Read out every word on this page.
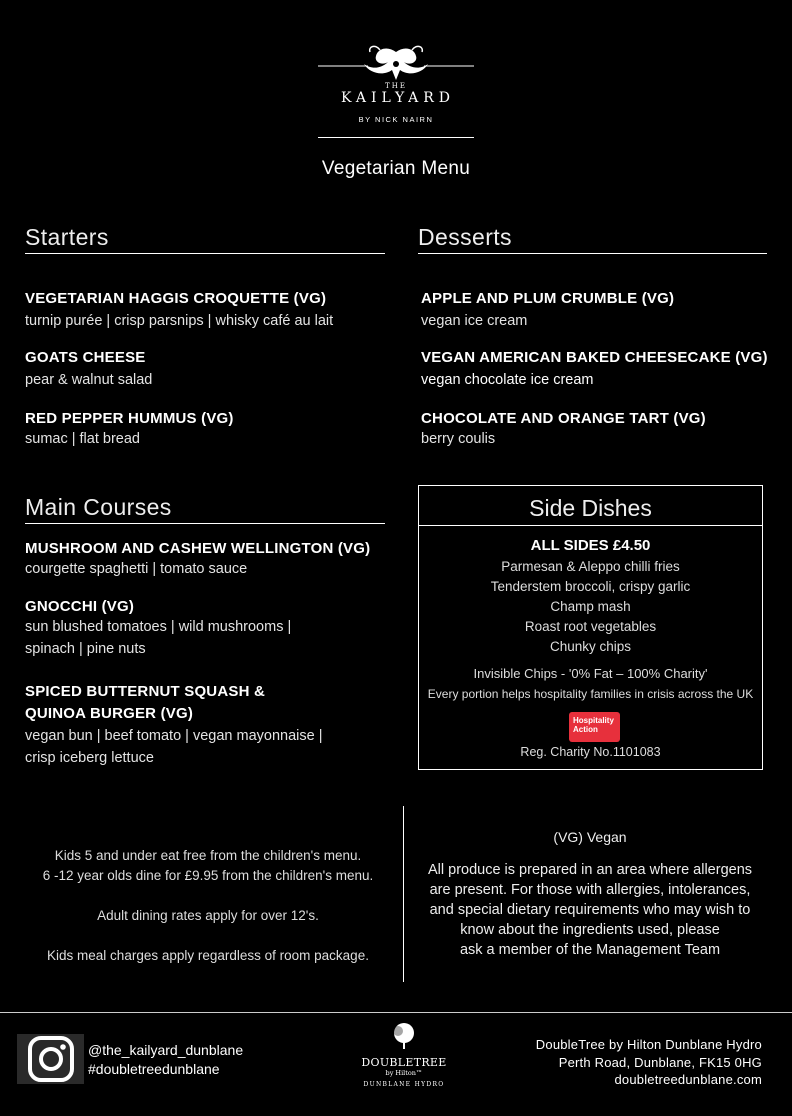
THE
KAILYARD
BY NICK NAIRN
Vegetarian Menu
Starters
VEGETARIAN HAGGIS CROQUETTE (VG)
turnip purée | crisp parsnips | whisky café au lait
GOATS CHEESE
pear & walnut salad
RED PEPPER HUMMUS (VG)
sumac | flat bread
Desserts
APPLE AND PLUM CRUMBLE (VG)
vegan ice cream
VEGAN AMERICAN BAKED CHEESECAKE (VG)
vegan chocolate ice cream
CHOCOLATE AND ORANGE TART (VG)
berry coulis
Main Courses
MUSHROOM AND CASHEW WELLINGTON (VG)
courgette spaghetti | tomato sauce
GNOCCHI (VG)
sun blushed tomatoes | wild mushrooms |
spinach | pine nuts
SPICED BUTTERNUT SQUASH &
QUINOA BURGER (VG)
vegan bun | beef tomato | vegan mayonnaise |
crisp iceberg lettuce
Side Dishes
ALL SIDES £4.50
Parmesan & Aleppo chilli fries
Tenderstem broccoli, crispy garlic
Champ mash
Roast root vegetables
Chunky chips
Invisible Chips - '0% Fat – 100% Charity'
Every portion helps hospitality families in crisis across the UK
Hospitality
Action
Reg. Charity No.1101083
Kids 5 and under eat free from the children's menu.
6 -12 year olds dine for £9.95 from the children's menu.
Adult dining rates apply for over 12's.
Kids meal charges apply regardless of room package.
(VG) Vegan
All produce is prepared in an area where allergens
are present. For those with allergies, intolerances,
and special dietary requirements who may wish to
know about the ingredients used, please
ask a member of the Management Team
@the_kailyard_dunblane
#doubletreedunblane	DOUBLETREE
by Hilton™
DUNBLANE HYDRO
DoubleTree by Hilton Dunblane Hydro
Perth Road, Dunblane, FK15 0HG
doubletreedunblane.com
